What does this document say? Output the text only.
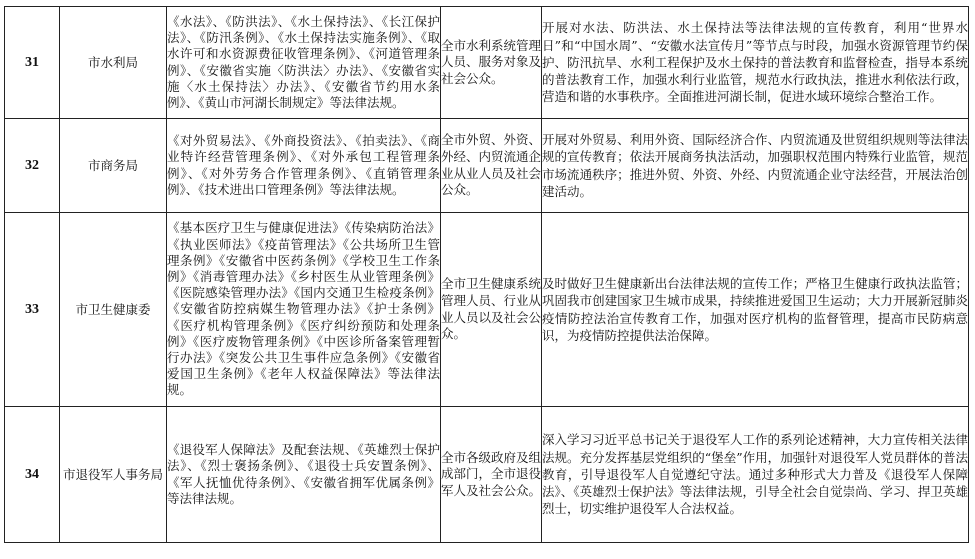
31	市水利局	《水法》、《防洪法》、《水土保持法》、《长江保护法》、《防汛条例》、《水土保持法实施条例》、《取水许可和水资源费征收管理条例》、《河道管理条例》、《安徽省实施〈防洪法〉办法》、《安徽省实施〈水土保持法〉办法》、《安徽省节约用水条例》、《黄山市河湖长制规定》等法律法规。	全市水利系统管理人员、服务对象及社会公众。	开展对水法、防洪法、水土保持法等法律法规的宣传教育，利用“世界水日”和“中国水周”、“安徽水法宣传月”等节点与时段，加强水资源管理节约保护、防汛抗旱、水利工程保护及水土保持的普法教育和监督检查，指导本系统的普法教育工作，加强水利行业监管，规范水行政执法，推进水利依法行政，营造和谐的水事秩序。全面推进河湖长制，促进水域环境综合整治工作。
32	市商务局	《对外贸易法》、《外商投资法》、《拍卖法》、《商业特许经营管理条例》、《对外承包工程管理条例》、《对外劳务合作管理条例》、《直销管理条例》、《技术进出口管理条例》等法律法规。	全市外贸、外资、外经、内贸流通企业从业人员及社会公众。	开展对外贸易、利用外资、国际经济合作、内贸流通及世贸组织规则等法律法规的宣传教育；依法开展商务执法活动，加强职权范围内特殊行业监管，规范市场流通秩序；推进外贸、外资、外经、内贸流通企业守法经营，开展法治创建活动。
33	市卫生健康委	《基本医疗卫生与健康促进法》《传染病防治法》《执业医师法》《疫苗管理法》《公共场所卫生管理条例》《安徽省中医药条例》《学校卫生工作条例》《消毒管理办法》《乡村医生从业管理条例》《医院感染管理办法》《国内交通卫生检疫条例》《安徽省防控病媒生物管理办法》《护士条例》《医疗机构管理条例》《医疗纠纷预防和处理条例》《医疗废物管理条例》《中医诊所备案管理暂行办法》《突发公共卫生事件应急条例》《安徽省爱国卫生条例》《老年人权益保障法》等法律法规。	全市卫生健康系统管理人员、行业从业人员以及社会公众。	及时做好卫生健康新出台法律法规的宣传工作；严格卫生健康行政执法监管；巩固我市创建国家卫生城市成果，持续推进爱国卫生运动；大力开展新冠肺炎疫情防控法治宣传教育工作，加强对医疗机构的监督管理，提高市民防病意识，为疫情防控提供法治保障。
34	市退役军人事务局	《退役军人保障法》及配套法规、《英雄烈士保护法》、《烈士褒扬条例》、《退役士兵安置条例》、《军人抚恤优待条例》、《安徽省拥军优属条例》等法律法规。	全市各级政府及组成部门，全市退役军人及社会公众。	深入学习习近平总书记关于退役军人工作的系列论述精神，大力宣传相关法律法规。充分发挥基层党组织的“堡垒”作用，加强针对退役军人党员群体的普法教育，引导退役军人自觉遵纪守法。通过多种形式大力普及《退役军人保障法》、《英雄烈士保护法》等法律法规，引导全社会自觉崇尚、学习、捍卫英雄烈士，切实维护退役军人合法权益。
